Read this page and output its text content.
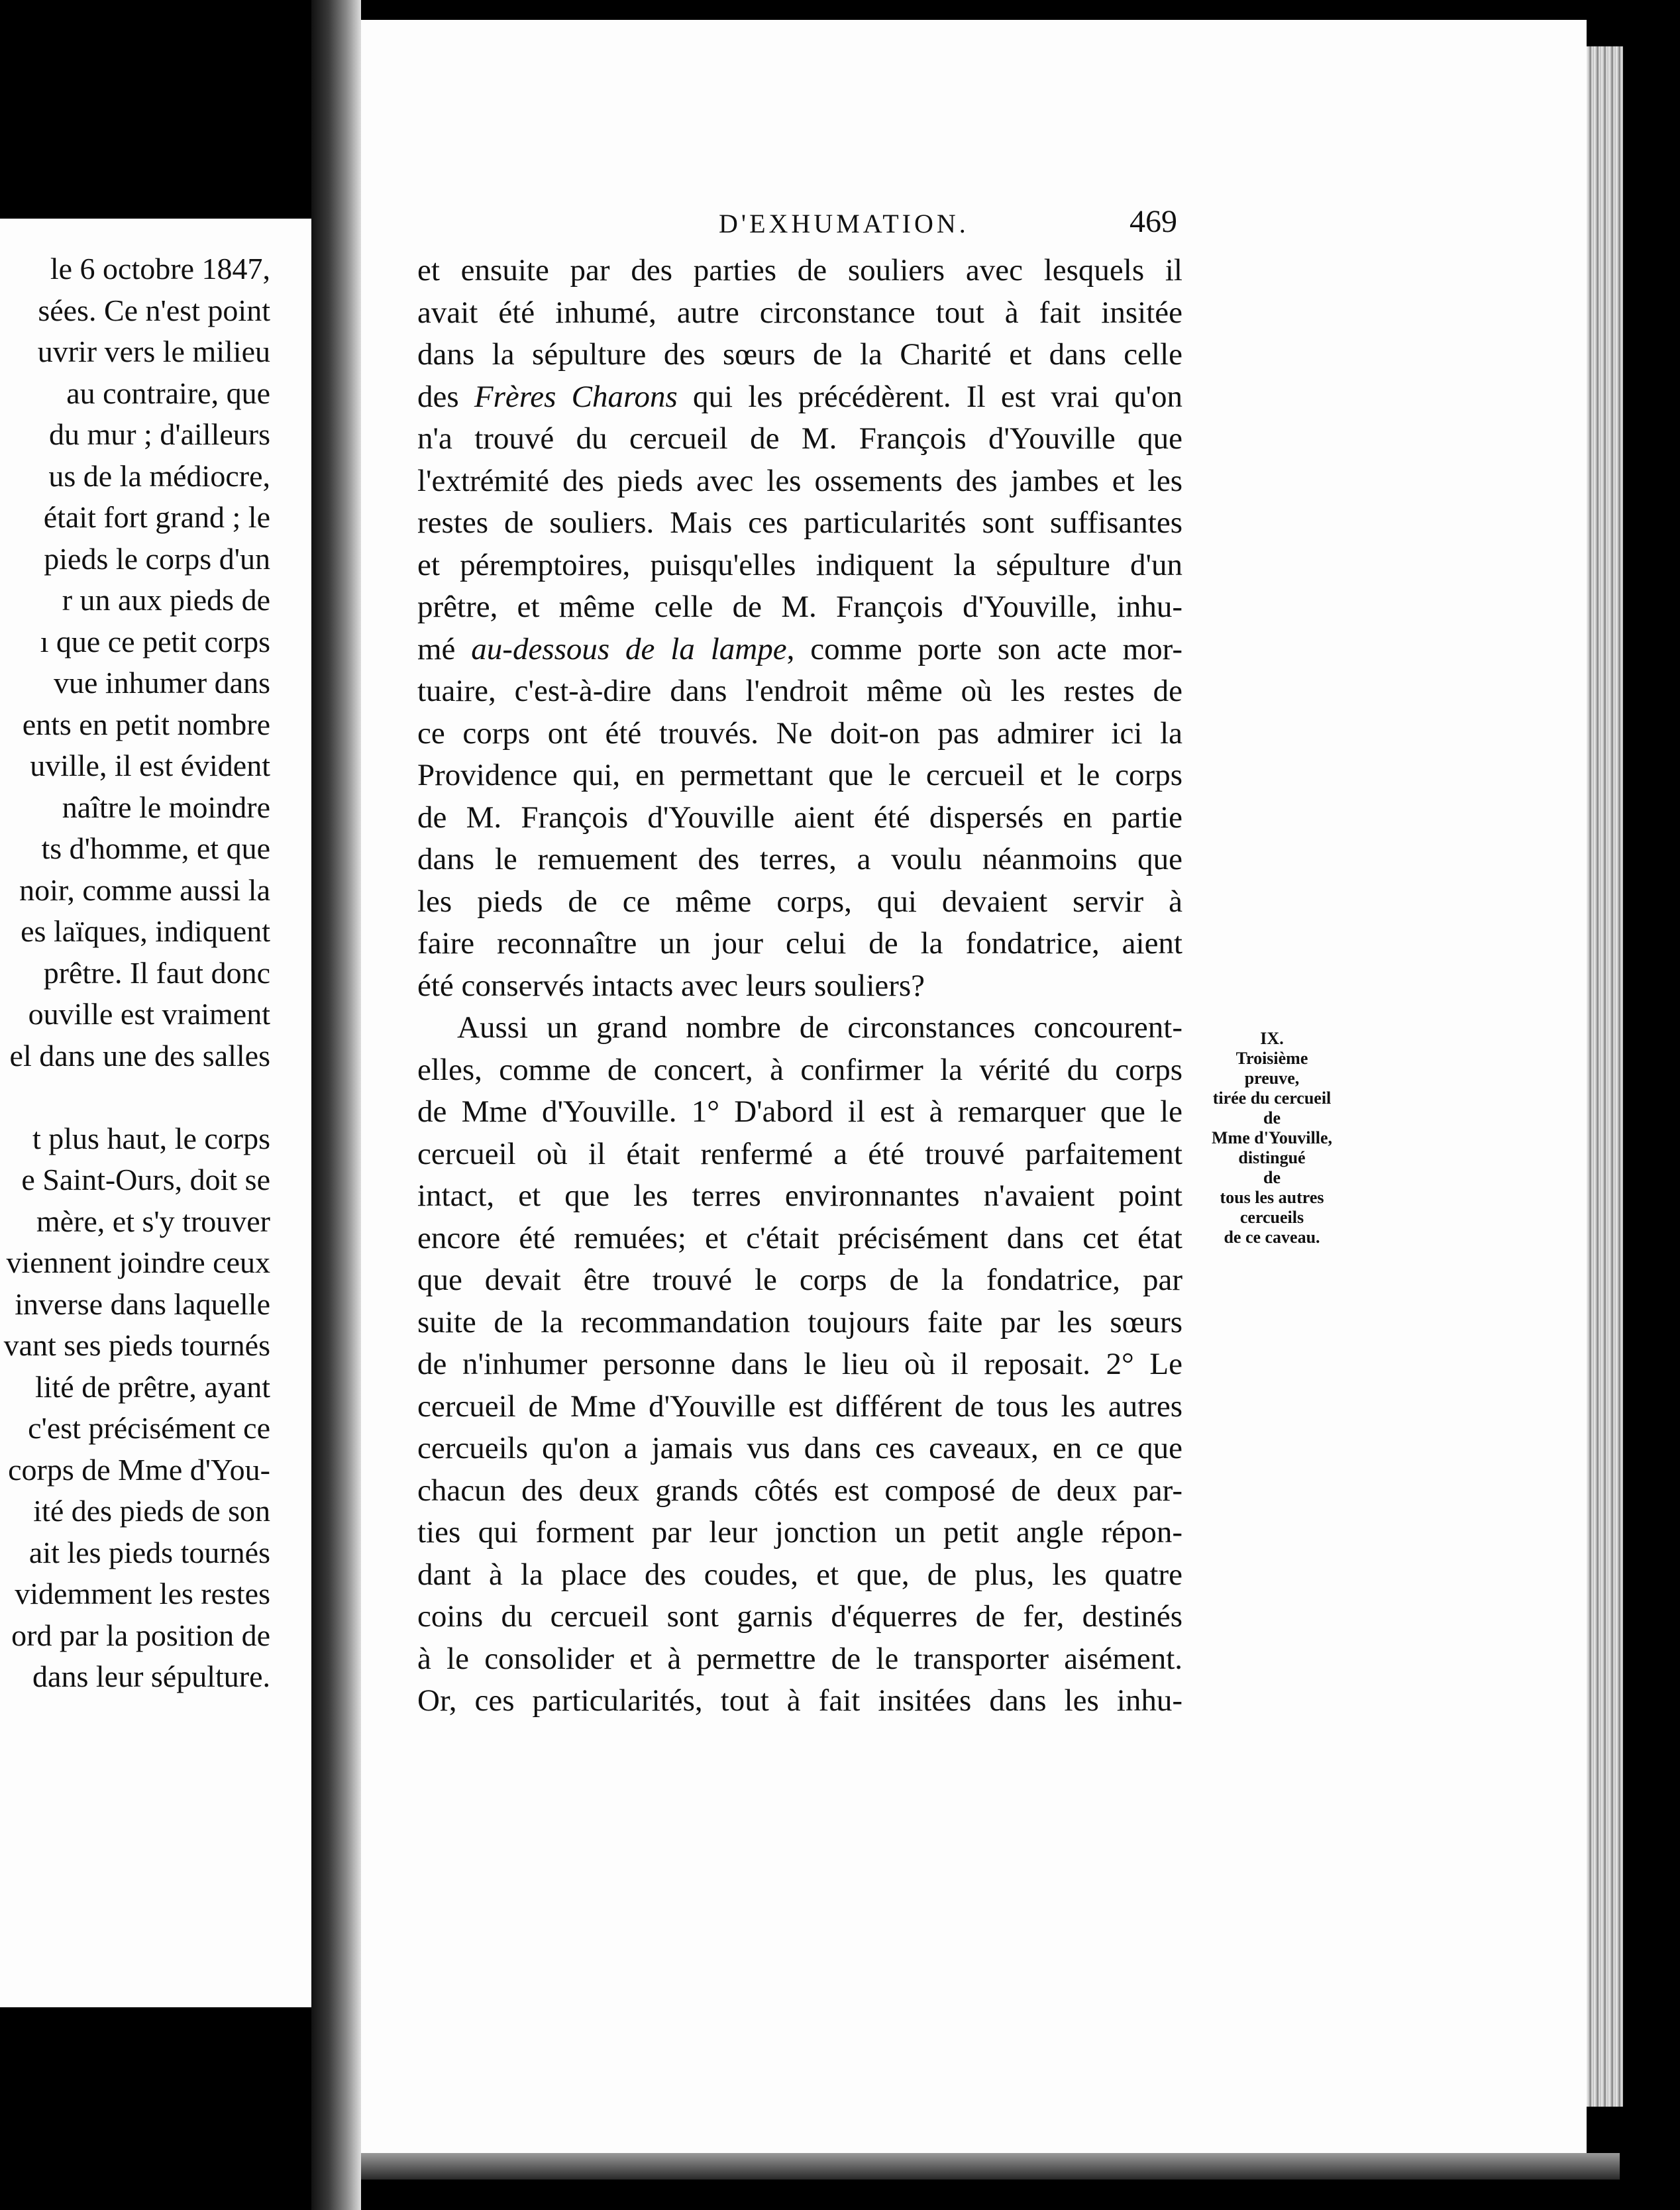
le 6 octobre 1847,
sées. Ce n'est point
uvrir vers le milieu
au contraire, que
du mur ; d'ailleurs
us de la médiocre,
était fort grand ; le
pieds le corps d'un
r un aux pieds de
ı que ce petit corps
vue inhumer dans
ents en petit nombre
uville, il est évident
naître le moindre
ts d'homme, et que
noir, comme aussi la
es laïques, indiquent
prêtre. Il faut donc
ouville est vraiment
el dans une des salles
t plus haut, le corps
e Saint-Ours, doit se
mère, et s'y trouver
viennent joindre ceux
inverse dans laquelle
vant ses pieds tournés
lité de prêtre, ayant
c'est précisément ce
corps de Mme d'You-
ité des pieds de son
ait les pieds tournés
videmment les restes
ord par la position de
dans leur sépulture.
D'EXHUMATION.	469
et ensuite par des parties de souliers avec lesquels il
avait été inhumé, autre circonstance tout à fait insitée
dans la sépulture des sœurs de la Charité et dans celle
des Frères Charons qui les précédèrent. Il est vrai qu'on
n'a trouvé du cercueil de M. François d'Youville que
l'extrémité des pieds avec les ossements des jambes et les
restes de souliers. Mais ces particularités sont suffisantes
et péremptoires, puisqu'elles indiquent la sépulture d'un
prêtre, et même celle de M. François d'Youville, inhu-
mé au-dessous de la lampe, comme porte son acte mor-
tuaire, c'est-à-dire dans l'endroit même où les restes de
ce corps ont été trouvés. Ne doit-on pas admirer ici la
Providence qui, en permettant que le cercueil et le corps
de M. François d'Youville aient été dispersés en partie
dans le remuement des terres, a voulu néanmoins que
les pieds de ce même corps, qui devaient servir à
faire reconnaître un jour celui de la fondatrice, aient
été conservés intacts avec leurs souliers?
Aussi un grand nombre de circonstances concourent-
elles, comme de concert, à confirmer la vérité du corps
de Mme d'Youville. 1° D'abord il est à remarquer que le
cercueil où il était renfermé a été trouvé parfaitement
intact, et que les terres environnantes n'avaient point
encore été remuées; et c'était précisément dans cet état
que devait être trouvé le corps de la fondatrice, par
suite de la recommandation toujours faite par les sœurs
de n'inhumer personne dans le lieu où il reposait. 2° Le
cercueil de Mme d'Youville est différent de tous les autres
cercueils qu'on a jamais vus dans ces caveaux, en ce que
chacun des deux grands côtés est composé de deux par-
ties qui forment par leur jonction un petit angle répon-
dant à la place des coudes, et que, de plus, les quatre
coins du cercueil sont garnis d'équerres de fer, destinés
à le consolider et à permettre de le transporter aisément.
Or, ces particularités, tout à fait insitées dans les inhu-
IX.
Troisième
preuve,
tirée du cercueil
de
Mme d'Youville,
distingué
de
tous les autres
cercueils
de ce caveau.
